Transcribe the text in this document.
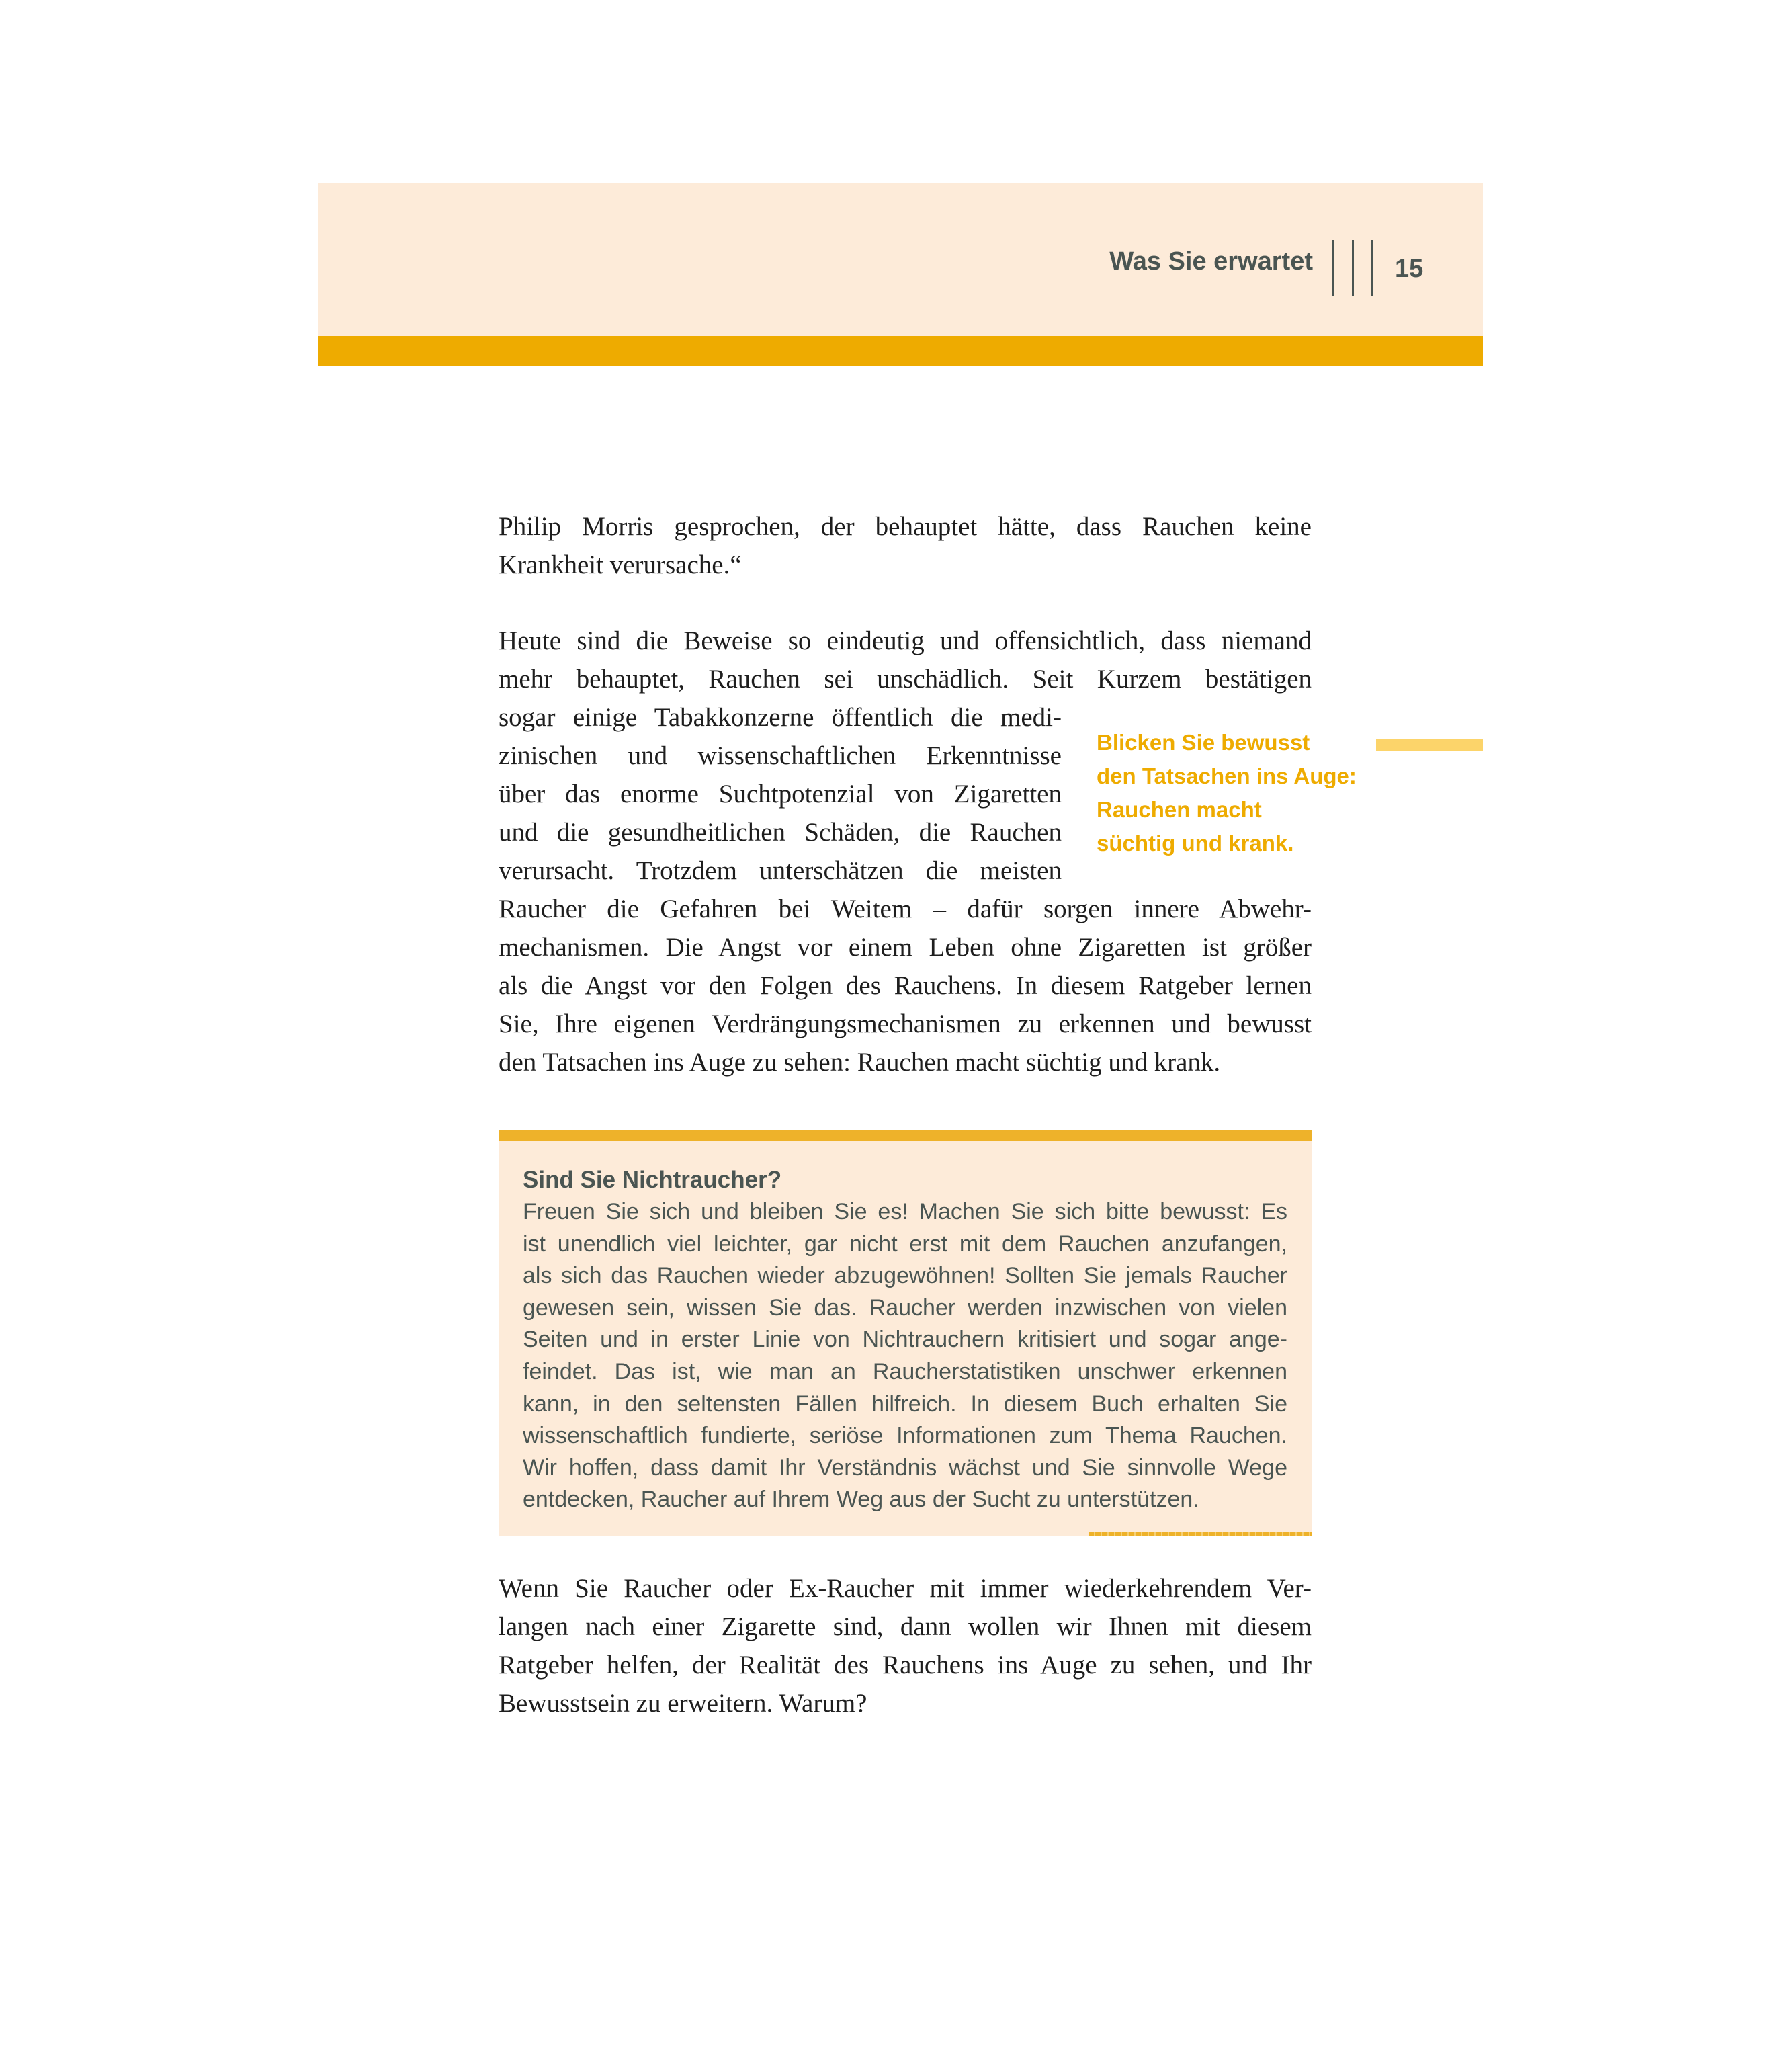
Was Sie erwartet	15
Philip Morris gesprochen, der behauptet hätte, dass Rauchen keine
Krankheit verursache.“
Heute sind die Beweise so eindeutig und offensichtlich, dass niemand
mehr behauptet, Rauchen sei unschädlich. Seit Kurzem bestätigen
sogar einige Tabakkonzerne öffentlich die medi-
zinischen und wissenschaftlichen Erkenntnisse
über das enorme Suchtpotenzial von Zigaretten
und die gesundheitlichen Schäden, die Rauchen
verursacht. Trotzdem unterschätzen die meisten
Raucher die Gefahren bei Weitem – dafür sorgen innere Abwehr-
mechanismen. Die Angst vor einem Leben ohne Zigaretten ist größer
als die Angst vor den Folgen des Rauchens. In diesem Ratgeber lernen
Sie, Ihre eigenen Verdrängungsmechanismen zu erkennen und bewusst
den Tatsachen ins Auge zu sehen: Rauchen macht süchtig und krank.
Blicken Sie bewusst
den Tatsachen ins Auge:
Rauchen macht
süchtig und krank.
Sind Sie Nichtraucher?
Freuen Sie sich und bleiben Sie es! Machen Sie sich bitte bewusst: Es
ist unendlich viel leichter, gar nicht erst mit dem Rauchen anzufangen,
als sich das Rauchen wieder abzugewöhnen! Sollten Sie jemals Raucher
gewesen sein, wissen Sie das. Raucher werden inzwischen von vielen
Seiten und in erster Linie von Nichtrauchern kritisiert und sogar ange-
feindet. Das ist, wie man an Raucherstatistiken unschwer erkennen
kann, in den seltensten Fällen hilfreich. In diesem Buch erhalten Sie
wissenschaftlich fundierte, seriöse Informationen zum Thema Rauchen.
Wir hoffen, dass damit Ihr Verständnis wächst und Sie sinnvolle Wege
entdecken, Raucher auf Ihrem Weg aus der Sucht zu unterstützen.
Wenn Sie Raucher oder Ex-Raucher mit immer wiederkehrendem Ver-
langen nach einer Zigarette sind, dann wollen wir Ihnen mit diesem
Ratgeber helfen, der Realität des Rauchens ins Auge zu sehen, und Ihr
Bewusstsein zu erweitern. Warum?
